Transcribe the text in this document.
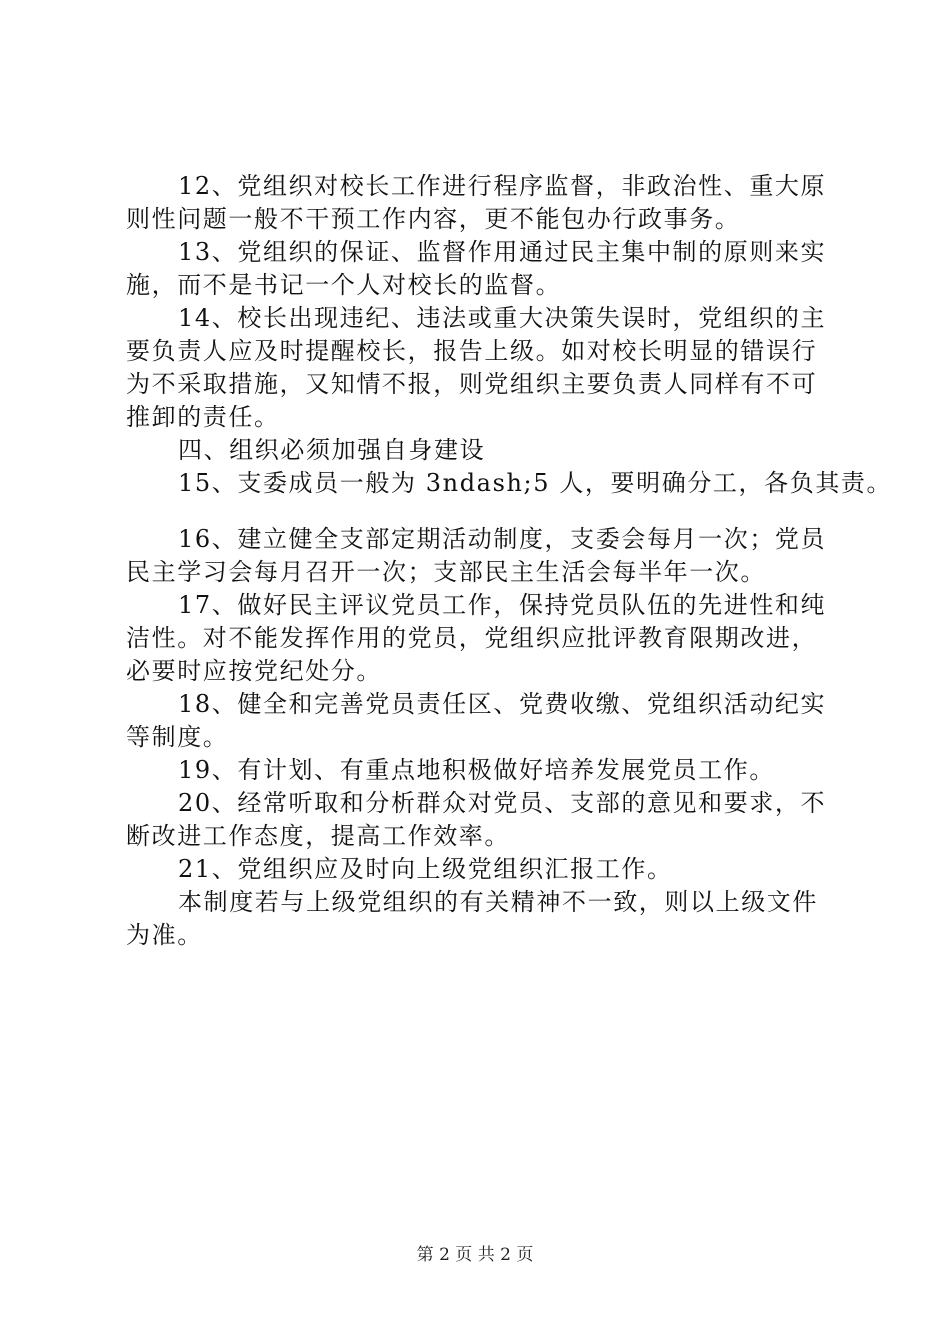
12、党组织对校长工作进行程序监督，非政治性、重大原
则性问题一般不干预工作内容，更不能包办行政事务。

13、党组织的保证、监督作用通过民主集中制的原则来实
施，而不是书记一个人对校长的监督。

14、校长出现违纪、违法或重大决策失误时，党组织的主
要负责人应及时提醒校长，报告上级。如对校长明显的错误行
为不采取措施，又知情不报，则党组织主要负责人同样有不可
推卸的责任。

四、组织必须加强自身建设

15、支委成员一般为 3ndash;5 人，要明确分工，各负其责。

16、建立健全支部定期活动制度，支委会每月一次；党员
民主学习会每月召开一次；支部民主生活会每半年一次。

17、做好民主评议党员工作，保持党员队伍的先进性和纯
洁性。对不能发挥作用的党员，党组织应批评教育限期改进，
必要时应按党纪处分。

18、健全和完善党员责任区、党费收缴、党组织活动纪实
等制度。

19、有计划、有重点地积极做好培养发展党员工作。

20、经常听取和分析群众对党员、支部的意见和要求，不
断改进工作态度，提高工作效率。

21、党组织应及时向上级党组织汇报工作。

本制度若与上级党组织的有关精神不一致，则以上级文件
为准。

第 2 页 共 2 页
